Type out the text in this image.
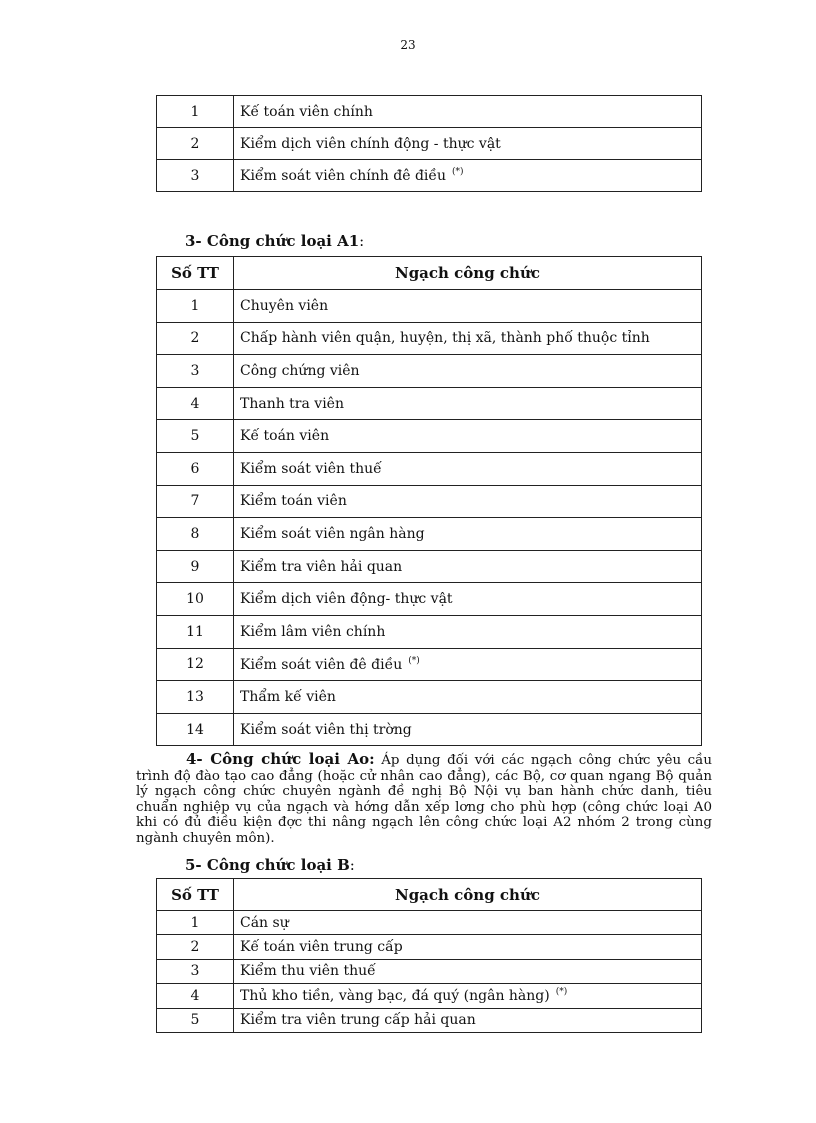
23
1	Kế toán viên chính
2	Kiểm dịch viên chính động - thực vật
3	Kiểm soát viên chính đê điều (*)
3- Công chức loại A1:
Số TT	Ngạch công chức
1	Chuyên viên
2	Chấp hành viên quận, huyện, thị xã, thành phố thuộc tỉnh
3	Công chứng viên
4	Thanh tra viên
5	Kế toán viên
6	Kiểm soát viên thuế
7	Kiểm toán viên
8	Kiểm soát viên ngân hàng
9	Kiểm tra viên hải quan
10	Kiểm dịch viên động- thực vật
11	Kiểm lâm viên chính
12	Kiểm soát viên đê điều (*)
13	Thẩm kế viên
14	Kiểm soát viên thị trờng
4- Công chức loại Ao: Áp dụng đối với các ngạch công chức yêu cầu trình độ đào tạo cao đẳng (hoặc cử nhân cao đẳng), các Bộ, cơ quan ngang Bộ quản lý ngạch công chức chuyên ngành đề nghị Bộ Nội vụ ban hành chức danh, tiêu chuẩn nghiệp vụ của ngạch và hớng dẫn xếp lơng cho phù hợp (công chức loại A0 khi có đủ điều kiện đợc thi nâng ngạch lên công chức loại A2 nhóm 2 trong cùng ngành chuyên môn).
5- Công chức loại B:
Số TT	Ngạch công chức
1	Cán sự
2	Kế toán viên trung cấp
3	Kiểm thu viên thuế
4	Thủ kho tiền, vàng bạc, đá quý (ngân hàng) (*)
5	Kiểm tra viên trung cấp hải quan
